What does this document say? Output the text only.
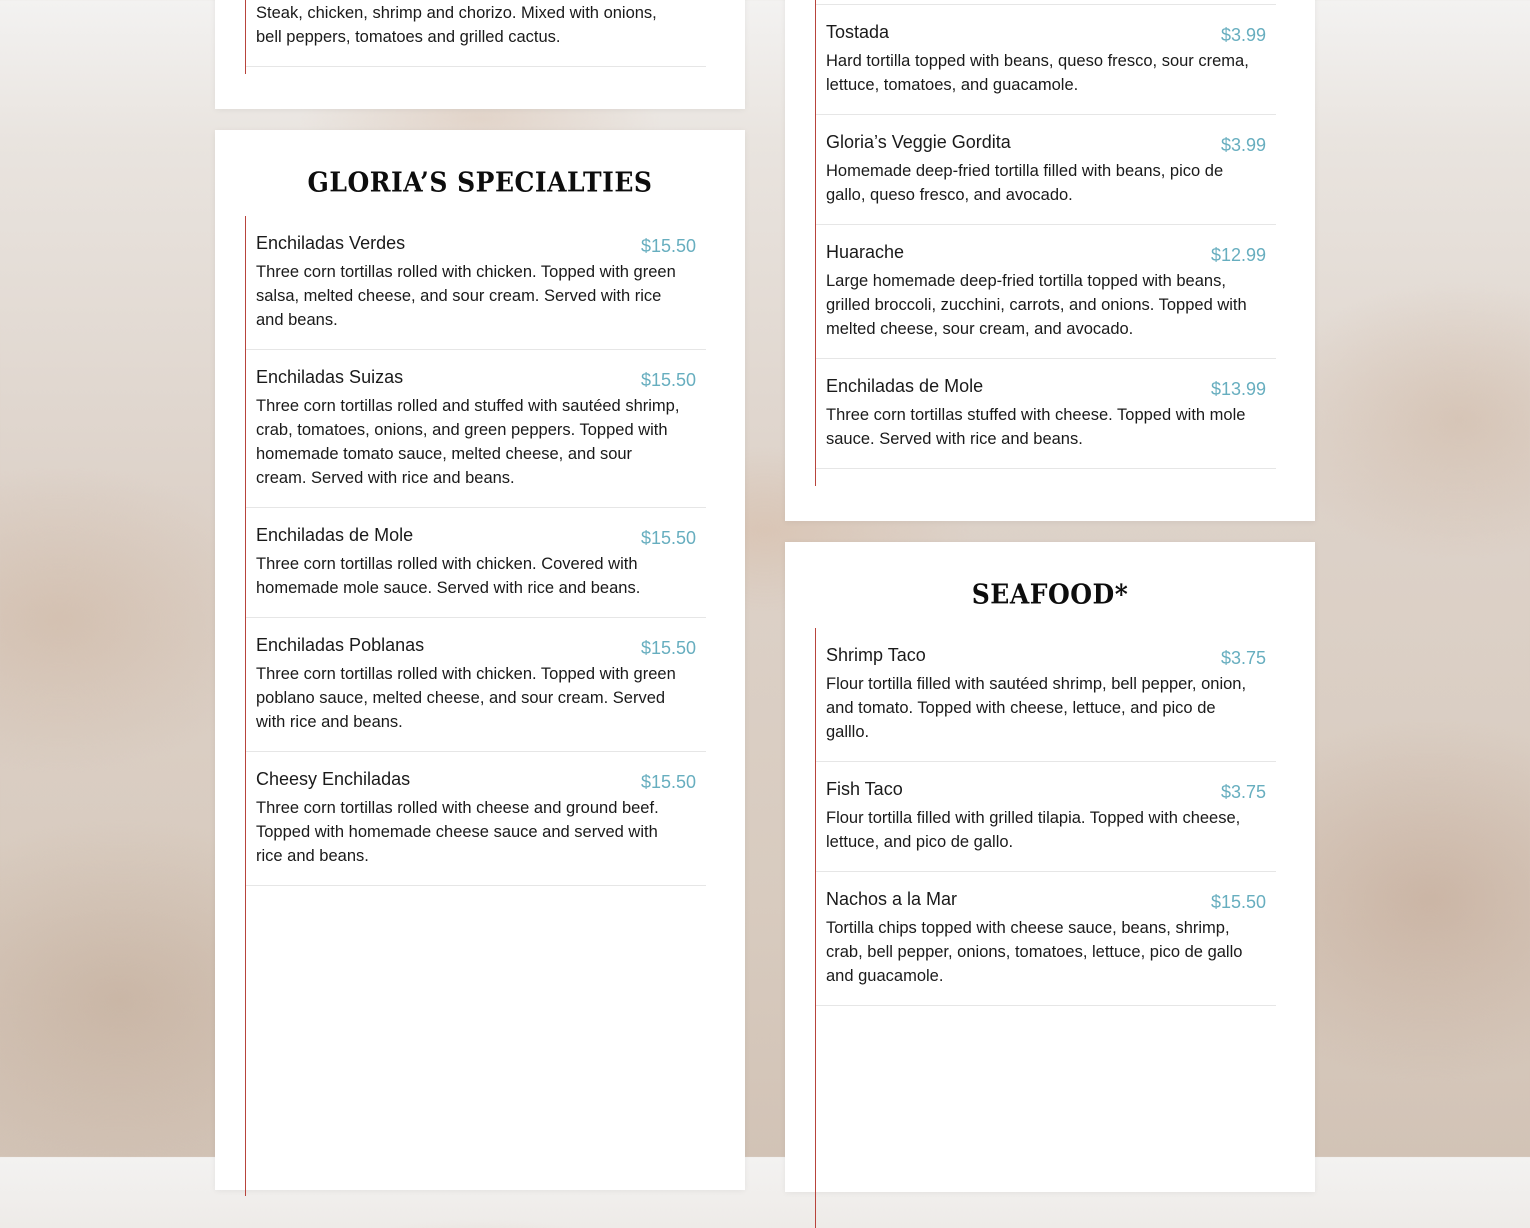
Steak, chicken, shrimp and chorizo. Mixed with onions, bell peppers, tomatoes and grilled cactus.	Tostada	$3.99
Hard tortilla topped with beans, queso fresco, sour crema, lettuce, tomatoes, and guacamole.
Gloria’s Veggie Gordita	$3.99
Homemade deep-fried tortilla filled with beans, pico de gallo, queso fresco, and avocado.
Huarache	$12.99
Large homemade deep-fried tortilla topped with beans, grilled broccoli, zucchini, carrots, and onions. Topped with melted cheese, sour cream, and avocado.
Enchiladas de Mole	$13.99
Three corn tortillas stuffed with cheese. Topped with mole sauce. Served with rice and beans.
GLORIA’S SPECIALTIES
Enchiladas Verdes	$15.50
Three corn tortillas rolled with chicken. Topped with green salsa, melted cheese, and sour cream. Served with rice and beans.
Enchiladas Suizas	$15.50
Three corn tortillas rolled and stuffed with sautéed shrimp, crab, tomatoes, onions, and green peppers. Topped with homemade tomato sauce, melted cheese, and sour cream. Served with rice and beans.
Enchiladas de Mole	$15.50
Three corn tortillas rolled with chicken. Covered with homemade mole sauce. Served with rice and beans.
Enchiladas Poblanas	$15.50
Three corn tortillas rolled with chicken. Topped with green poblano sauce, melted cheese, and sour cream. Served with rice and beans.
Cheesy Enchiladas	$15.50
Three corn tortillas rolled with cheese and ground beef. Topped with homemade cheese sauce and served with rice and beans.
SEAFOOD*
Shrimp Taco	$3.75
Flour tortilla filled with sautéed shrimp, bell pepper, onion, and tomato. Topped with cheese, lettuce, and pico de galllo.
Fish Taco	$3.75
Flour tortilla filled with grilled tilapia. Topped with cheese, lettuce, and pico de gallo.
Nachos a la Mar	$15.50
Tortilla chips topped with cheese sauce, beans, shrimp, crab, bell pepper, onions, tomatoes, lettuce, pico de gallo and guacamole.
